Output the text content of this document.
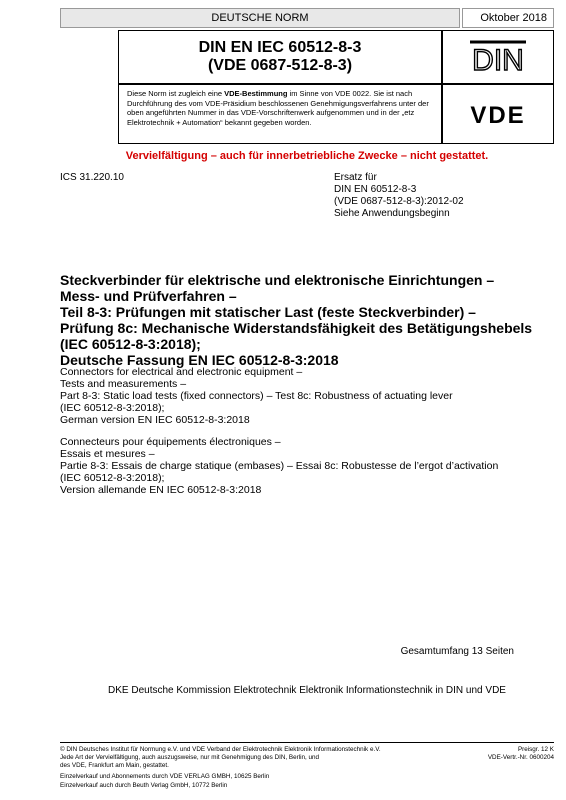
DEUTSCHE NORM	Oktober 2018
DIN EN IEC 60512-8-3
(VDE 0687-512-8-3)	DIN
Diese Norm ist zugleich eine VDE-Bestimmung im Sinne von VDE 0022. Sie ist nach Durchführung des vom VDE-Präsidium beschlossenen Genehmigungsverfahrens unter der oben angeführten Nummer in das VDE-Vorschriftenwerk aufgenommen und in der „etz Elektrotechnik + Automation“ bekannt gegeben worden.	VDE
Vervielfältigung – auch für innerbetriebliche Zwecke – nicht gestattet.
ICS 31.220.10	Ersatz für
DIN EN 60512-8-3
(VDE 0687-512-8-3):2012-02
Siehe Anwendungsbeginn
Steckverbinder für elektrische und elektronische Einrichtungen –
Mess- und Prüfverfahren –
Teil 8-3: Prüfungen mit statischer Last (feste Steckverbinder) –
Prüfung 8c: Mechanische Widerstandsfähigkeit des Betätigungshebels
(IEC 60512-8-3:2018);
Deutsche Fassung EN IEC 60512-8-3:2018
Connectors for electrical and electronic equipment –
Tests and measurements –
Part 8-3: Static load tests (fixed connectors) – Test 8c: Robustness of actuating lever
(IEC 60512-8-3:2018);
German version EN IEC 60512-8-3:2018
Connecteurs pour équipements électroniques –
Essais et mesures –
Partie 8-3: Essais de charge statique (embases) – Essai 8c: Robustesse de l’ergot d’activation
(IEC 60512-8-3:2018);
Version allemande EN IEC 60512-8-3:2018
Gesamtumfang 13 Seiten
DKE Deutsche Kommission Elektrotechnik Elektronik Informationstechnik in DIN und VDE
© DIN Deutsches Institut für Normung e.V. und VDE Verband der Elektrotechnik Elektronik Informationstechnik e.V.
Jede Art der Vervielfältigung, auch auszugsweise, nur mit Genehmigung des DIN, Berlin, und
des VDE, Frankfurt am Main, gestattet.
Preisgr. 12 K
VDE-Vertr.-Nr. 0600204
Einzelverkauf und Abonnements durch VDE VERLAG GMBH, 10625 Berlin
Einzelverkauf auch durch Beuth Verlag GmbH, 10772 Berlin
